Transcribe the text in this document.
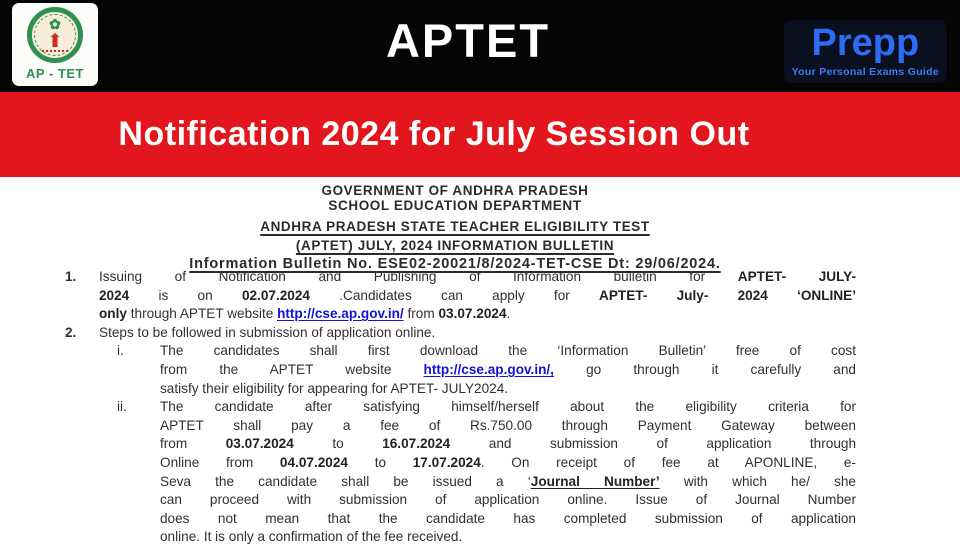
✿
AP - TET
APTET	Prepp
Your Personal Exams Guide
Notification 2024 for July Session Out
GOVERNMENT OF ANDHRA PRADESH
SCHOOL EDUCATION DEPARTMENT
ANDHRA PRADESH STATE TEACHER ELIGIBILITY TEST
(APTET) JULY, 2024 INFORMATION BULLETIN
Information Bulletin No. ESE02-20021/8/2024-TET-CSE Dt: 29/06/2024.
1. Issuing of Notification and Publishing of Information bulletin for APTET- JULY-
2024 is on 02.07.2024 .Candidates can apply for APTET- July- 2024 ‘ONLINE’
only through APTET website http://cse.ap.gov.in/ from 03.07.2024.
2. Steps to be followed in submission of application online.
i.	The candidates shall first download the ‘Information Bulletin’ free of cost
from the APTET website http://cse.ap.gov.in/, go through it carefully and
satisfy their eligibility for appearing for APTET- JULY2024.
ii. The candidate after satisfying himself/herself about the eligibility criteria for
APTET shall pay a fee of Rs.750.00 through Payment Gateway between
from 03.07.2024 to 16.07.2024 and submission of application through
Online from 04.07.2024 to 17.07.2024. On receipt of fee at APONLINE, e-
Seva the candidate shall be issued a ‘Journal Number’ with which he/ she
can proceed with submission of application online. Issue of Journal Number
does not mean that the candidate has completed submission of application
online. It is only a confirmation of the fee received.
